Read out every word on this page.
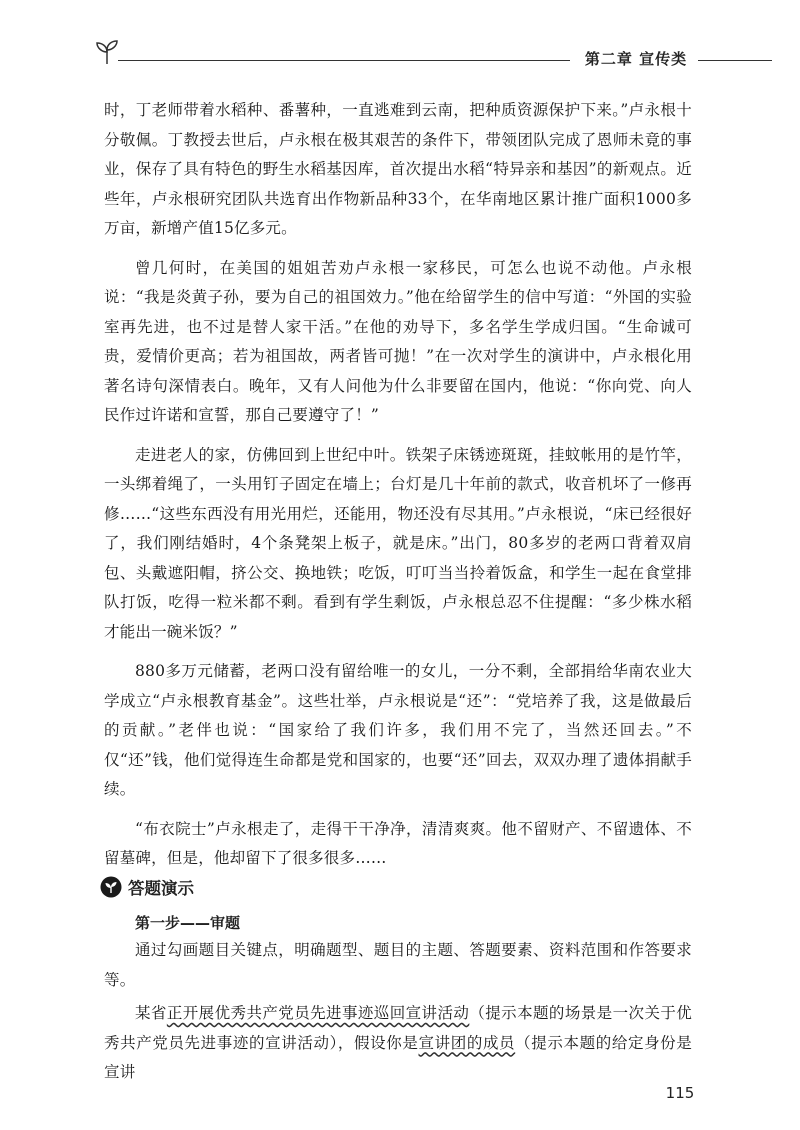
第二章 宣传类

时，丁老师带着水稻种、番薯种，一直逃难到云南，把种质资源保护下来。”卢永根十分敬佩。丁教授去世后，卢永根在极其艰苦的条件下，带领团队完成了恩师未竟的事业，保存了具有特色的野生水稻基因库，首次提出水稻“特异亲和基因”的新观点。近些年，卢永根研究团队共选育出作物新品种33个，在华南地区累计推广面积1000多万亩，新增产值15亿多元。

曾几何时，在美国的姐姐苦劝卢永根一家移民，可怎么也说不动他。卢永根说：“我是炎黄子孙，要为自己的祖国效力。”他在给留学生的信中写道：“外国的实验室再先进，也不过是替人家干活。”在他的劝导下，多名学生学成归国。“生命诚可贵，爱情价更高；若为祖国故，两者皆可抛！”在一次对学生的演讲中，卢永根化用著名诗句深情表白。晚年，又有人问他为什么非要留在国内，他说：“你向党、向人民作过许诺和宣誓，那自己要遵守了！”

走进老人的家，仿佛回到上世纪中叶。铁架子床锈迹斑斑，挂蚊帐用的是竹竿，一头绑着绳了，一头用钉子固定在墙上；台灯是几十年前的款式，收音机坏了一修再修……“这些东西没有用光用烂，还能用，物还没有尽其用。”卢永根说，“床已经很好了，我们刚结婚时，4个条凳架上板子，就是床。”出门，80多岁的老两口背着双肩包、头戴遮阳帽，挤公交、换地铁；吃饭，叮叮当当拎着饭盒，和学生一起在食堂排队打饭，吃得一粒米都不剩。看到有学生剩饭，卢永根总忍不住提醒：“多少株水稻才能出一碗米饭？”

880多万元储蓄，老两口没有留给唯一的女儿，一分不剩，全部捐给华南农业大学成立“卢永根教育基金”。这些壮举，卢永根说是“还”：“党培养了我，这是做最后的贡献。”老伴也说：“国家给了我们许多，我们用不完了，当然还回去。”不仅“还”钱，他们觉得连生命都是党和国家的，也要“还”回去，双双办理了遗体捐献手续。

“布衣院士”卢永根走了，走得干干净净，清清爽爽。他不留财产、不留遗体、不留墓碑，但是，他却留下了很多很多……

答题演示
第一步——审题

通过勾画题目关键点，明确题型、题目的主题、答题要素、资料范围和作答要求等。

某省正开展优秀共产党员先进事迹巡回宣讲活动（提示本题的场景是一次关于优秀共产党员先进事迹的宣讲活动），假设你是宣讲团的成员（提示本题的给定身份是宣讲

115
